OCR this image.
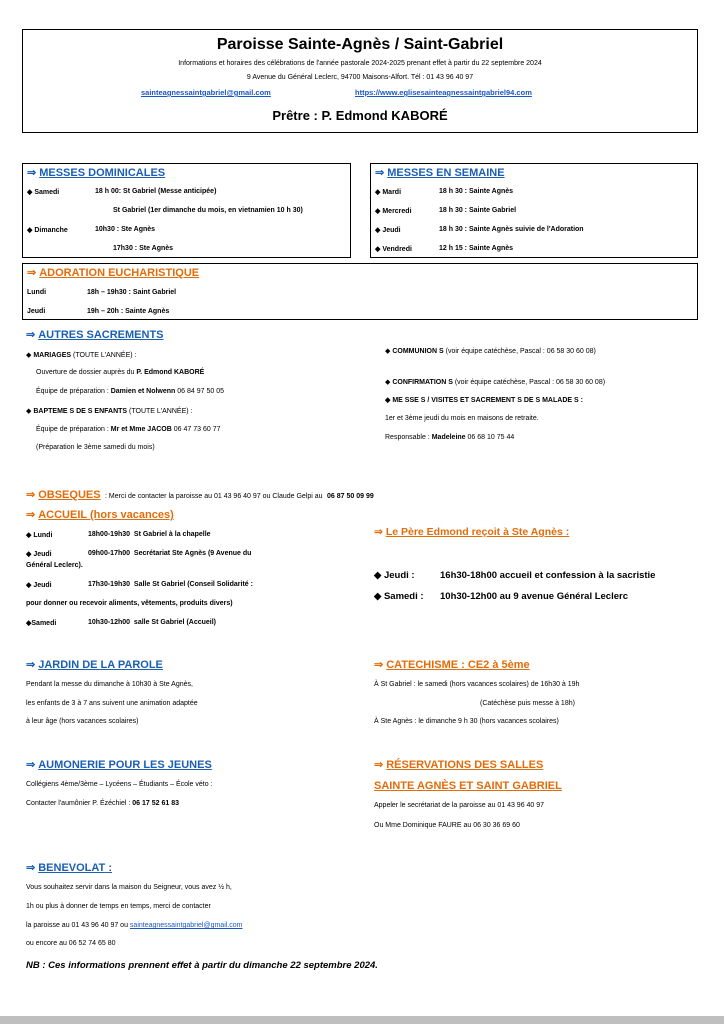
Paroisse Sainte-Agnès / Saint-Gabriel
Informations et horaires des célébrations de l'année pastorale 2024-2025 prenant effet à partir du 22 septembre 2024
9 Avenue du Général Leclerc, 94700 Maisons-Alfort. Tél : 01 43 96 40 97
sainteagnessaintgabriel@gmail.com	https://www.eglisesainteagnessaintgabriel94.com
Prêtre : P. Edmond KABORÉ
⇒ MESSES DOMINICALES
◆ Samedi	18 h 00: St Gabriel (Messe anticipée)
St Gabriel (1er dimanche du mois, en vietnamien 10 h 30)
◆ Dimanche	10h30 : Ste Agnès
17h30 : Ste Agnès
⇒ MESSES EN SEMAINE
◆ Mardi	18 h 30 : Sainte Agnès
◆ Mercredi	18 h 30 : Sainte Gabriel
◆ Jeudi	18 h 30 : Sainte Agnès suivie de l'Adoration
◆ Vendredi	12 h 15 : Sainte Agnès
⇒ ADORATION EUCHARISTIQUE
Lundi	18h – 19h30 : Saint Gabriel
Jeudi	19h – 20h : Sainte Agnès
⇒ AUTRES SACREMENTS
◆ MARIAGES (TOUTE L'ANNÉE) :
Ouverture de dossier auprès du P. Edmond KABORÉ
Équipe de préparation : Damien et Nolwenn 06 84 97 50 05
◆ BAPTEME S DE S ENFANTS (TOUTE L'ANNÉE) :
Équipe de préparation : Mr et Mme JACOB 06 47 73 60 77
(Préparation le 3ème samedi du mois)
◆ COMMUNION S (voir équipe catéchèse, Pascal : 06 58 30 60 08)
◆ CONFIRMATION S (voir équipe catéchèse, Pascal : 06 58 30 60 08)
◆ ME SSE S / VISITES ET SACREMENT S DE S MALADE S :
1er et 3ème jeudi du mois en maisons de retraite.
Responsable : Madeleine 06 68 10 75 44
⇒ OBSEQUES : Merci de contacter la paroisse au 01 43 96 40 97 ou Claude Gelpi au 06 87 50 09 99
⇒ ACCUEIL (hors vacances)
◆ Lundi	18h00-19h30 St Gabriel à la chapelle
◆ Jeudi	09h00-17h00 Secrétariat Ste Agnès (9 Avenue du
Général Leclerc).
◆ Jeudi	17h30-19h30 Salle St Gabriel (Conseil Solidarité :
pour donner ou recevoir aliments, vêtements, produits divers)
◆Samedi	10h30-12h00 salle St Gabriel (Accueil)
⇒ Le Père Edmond reçoit à Ste Agnès :
◆ Jeudi :	16h30-18h00 accueil et confession à la sacristie
◆ Samedi : 10h30-12h00 au 9 avenue Général Leclerc
⇒ JARDIN DE LA PAROLE
Pendant la messe du dimanche à 10h30 à Ste Agnès,
les enfants de 3 à 7 ans suivent une animation adaptée
à leur âge (hors vacances scolaires)
⇒ CATECHISME : CE2 à 5ème
À St Gabriel : le samedi (hors vacances scolaires) de 16h30 à 19h
(Catéchèse puis messe à 18h)
À Ste Agnès : le dimanche 9 h 30 (hors vacances scolaires)
⇒ AUMONERIE POUR LES JEUNES
Collégiens 4ème/3ème – Lycéens – Étudiants – École véto :
Contacter l'aumônier P. Ézéchiel : 06 17 52 61 83
⇒ RÉSERVATIONS DES SALLES
SAINTE AGNÈS ET SAINT GABRIEL
Appeler le secrétariat de la paroisse au 01 43 96 40 97
Ou Mme Dominique FAURE au 06 30 36 69 60
⇒ BENEVOLAT :
Vous souhaitez servir dans la maison du Seigneur, vous avez ½ h,
1h ou plus à donner de temps en temps, merci de contacter
la paroisse au 01 43 96 40 97 ou sainteagnessaintgabriel@gmail.com
ou encore au 06 52 74 65 80
NB : Ces informations prennent effet à partir du dimanche 22 septembre 2024.
